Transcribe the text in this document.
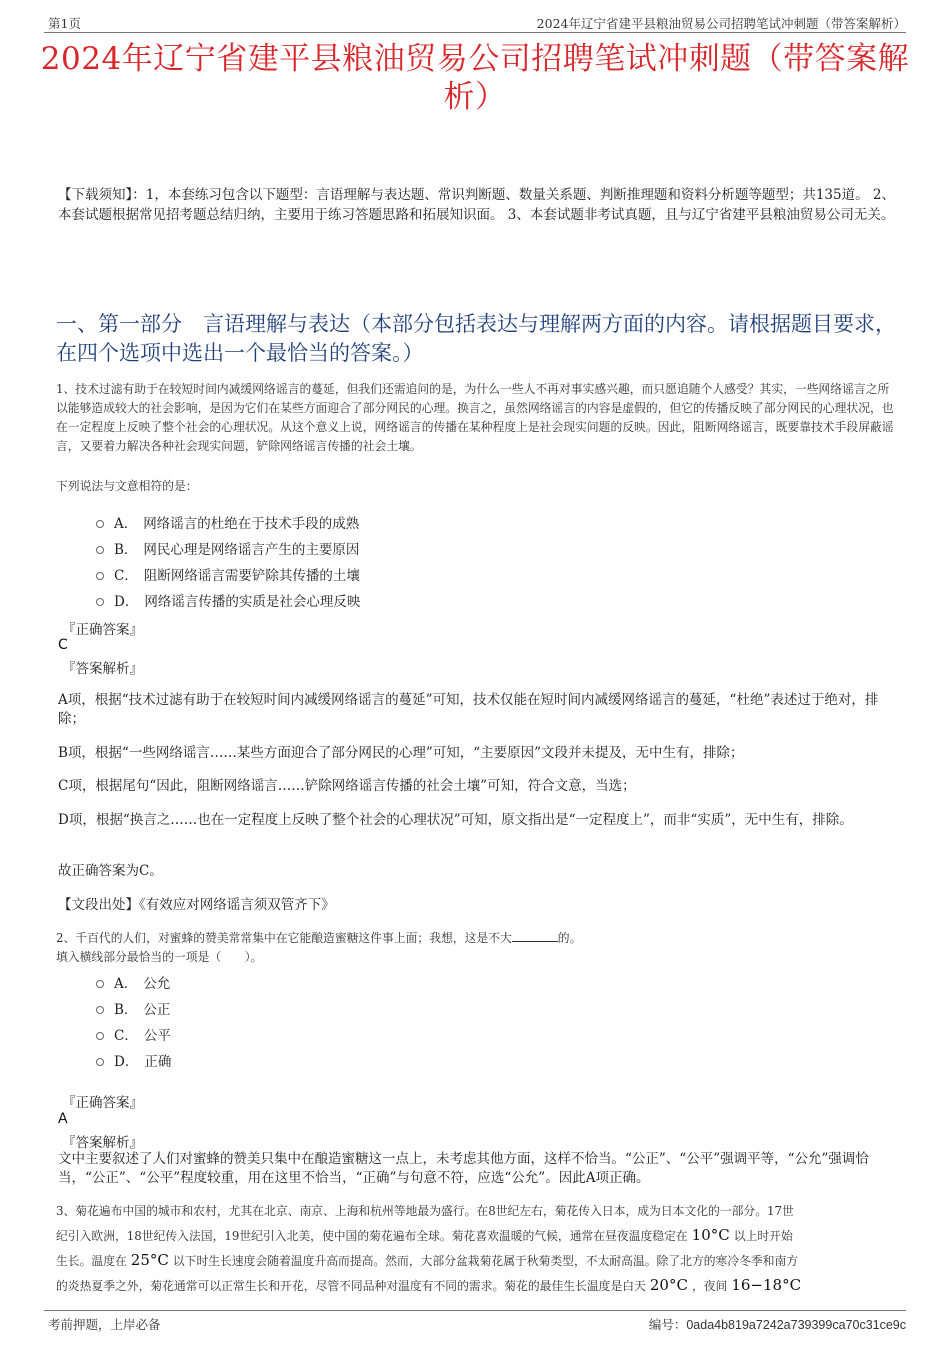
第1页	2024年辽宁省建平县粮油贸易公司招聘笔试冲刺题（带答案解析）
2024年辽宁省建平县粮油贸易公司招聘笔试冲刺题（带答案解析）
【下载须知】：1，本套练习包含以下题型：言语理解与表达题、常识判断题、数量关系题、判断推理题和资料分析题等题型；共135道。 2、本套试题根据常见招考题总结归纳，主要用于练习答题思路和拓展知识面。 3、本套试题非考试真题，且与辽宁省建平县粮油贸易公司无关。
一、第一部分　言语理解与表达（本部分包括表达与理解两方面的内容。请根据题目要求，在四个选项中选出一个最恰当的答案。）
1、技术过滤有助于在较短时间内减缓网络谣言的蔓延，但我们还需追问的是，为什么一些人不再对事实感兴趣，而只愿追随个人感受？其实，一些网络谣言之所以能够造成较大的社会影响，是因为它们在某些方面迎合了部分网民的心理。换言之，虽然网络谣言的内容是虚假的，但它的传播反映了部分网民的心理状况，也在一定程度上反映了整个社会的心理状况。从这个意义上说，网络谣言的传播在某种程度上是社会现实问题的反映。因此，阻断网络谣言，既要靠技术手段屏蔽谣言，又要着力解决各种社会现实问题，铲除网络谣言传播的社会土壤。
下列说法与文意相符的是：
A． 网络谣言的杜绝在于技术手段的成熟
B． 网民心理是网络谣言产生的主要原因
C． 阻断网络谣言需要铲除其传播的土壤
D． 网络谣言传播的实质是社会心理反映
『正确答案』
C
『答案解析』
A项，根据“技术过滤有助于在较短时间内减缓网络谣言的蔓延”可知，技术仅能在短时间内减缓网络谣言的蔓延，“杜绝”表述过于绝对，排除；
B项，根据“一些网络谣言……某些方面迎合了部分网民的心理”可知，“主要原因”文段并未提及，无中生有，排除；
C项，根据尾句“因此，阻断网络谣言……铲除网络谣言传播的社会土壤”可知，符合文意，当选；
D项，根据“换言之……也在一定程度上反映了整个社会的心理状况”可知，原文指出是“一定程度上”，而非“实质”，无中生有，排除。
故正确答案为C。
【文段出处】《有效应对网络谣言须双管齐下》
2、千百代的人们，对蜜蜂的赞美常常集中在它能酿造蜜糖这件事上面；我想，这是不大	的。
填入横线部分最恰当的一项是（　　）。
A． 公允
B． 公正
C． 公平
D． 正确
『正确答案』
A
『答案解析』
文中主要叙述了人们对蜜蜂的赞美只集中在酿造蜜糖这一点上，未考虑其他方面，这样不恰当。“公正”、“公平”强调平等，“公允”强调恰当，“公正”、“公平”程度较重，用在这里不恰当，“正确”与句意不符，应选“公允”。因此A项正确。
3、菊花遍布中国的城市和农村，尤其在北京、南京、上海和杭州等地最为盛行。在8世纪左右，菊花传入日本，成为日本文化的一部分。17世
纪引入欧洲，18世纪传入法国，19世纪引入北美，使中国的菊花遍布全球。菊花喜欢温暖的气候，通常在昼夜温度稳定在 10°C 以上时开始
生长。温度在 25°C 以下时生长速度会随着温度升高而提高。然而，大部分盆栽菊花属于秋菊类型，不太耐高温。除了北方的寒冷冬季和南方
的炎热夏季之外，菊花通常可以正常生长和开花，尽管不同品种对温度有不同的需求。菊花的最佳生长温度是白天 20°C ，夜间 16−18°C
考前押题，上岸必备	编号：0ada4b819a7242a739399ca70c31ce9c
